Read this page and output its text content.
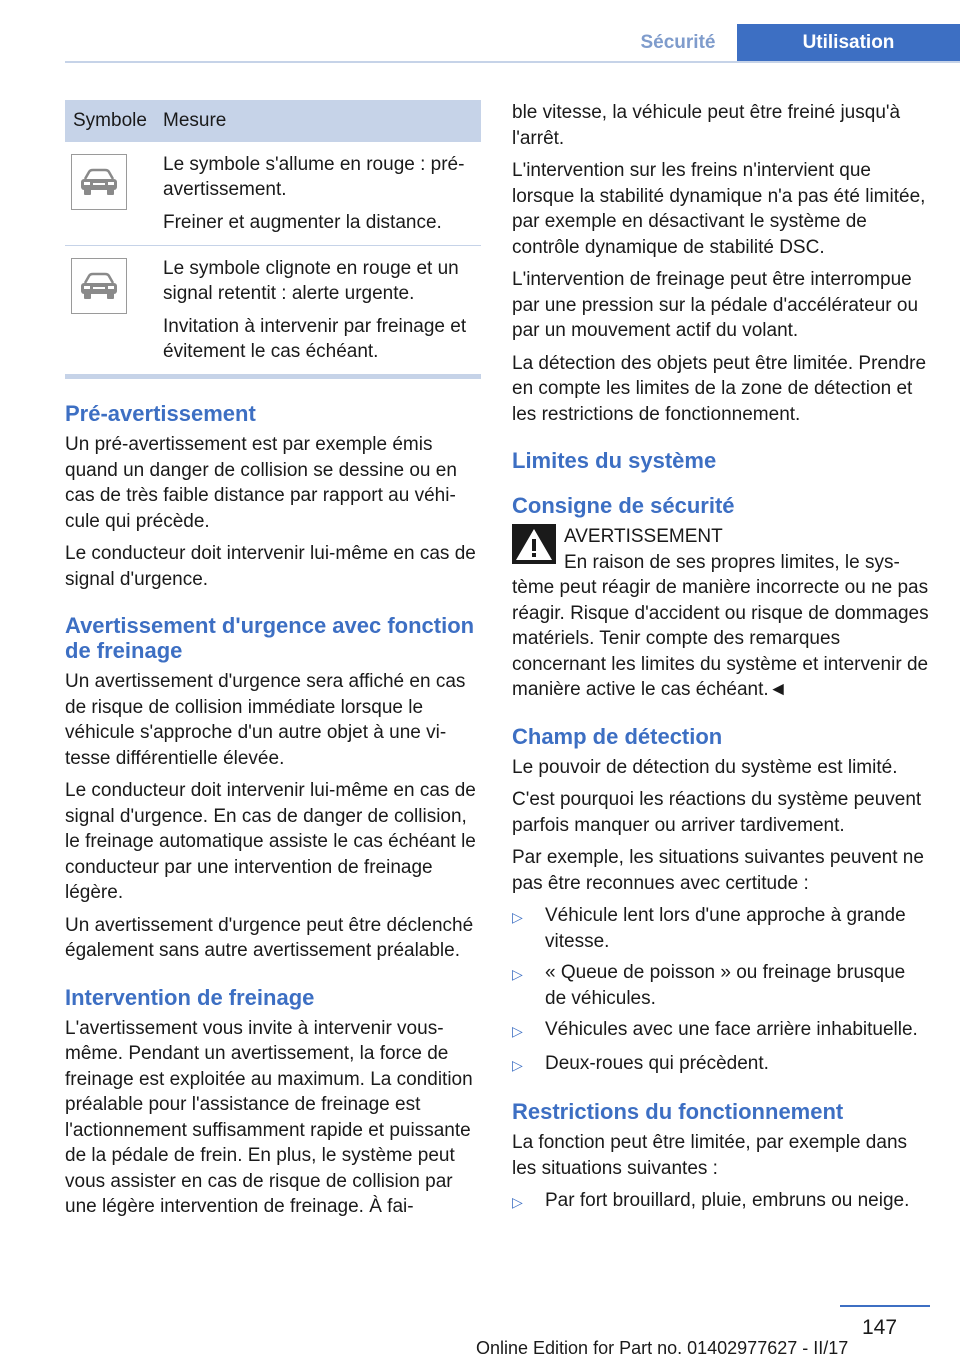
Sécurité	Utilisation
Symbole Mesure

Le symbole s'allume en rouge : pré-avertissement.

Freiner et augmenter la distance.

Le symbole clignote en rouge et un signal retentit : alerte urgente.

Invitation à intervenir par freinage et évitement le cas échéant.

Pré-avertissement

Un pré-avertissement est par exemple émis quand un danger de collision se dessine ou en cas de très faible distance par rapport au véhicule qui précède.

Le conducteur doit intervenir lui-même en cas de signal d'urgence.

Avertissement d'urgence avec fonction de freinage

Un avertissement d'urgence sera affiché en cas de risque de collision immédiate lorsque le véhicule s'approche d'un autre objet à une vitesse différentielle élevée.

Le conducteur doit intervenir lui-même en cas de signal d'urgence. En cas de danger de collision, le freinage automatique assiste le cas échéant le conducteur par une intervention de freinage légère.

Un avertissement d'urgence peut être déclenché également sans autre avertissement préalable.

Intervention de freinage

L'avertissement vous invite à intervenir vous-même. Pendant un avertissement, la force de freinage est exploitée au maximum. La condition préalable pour l'assistance de freinage est l'actionnement suffisamment rapide et puissante de la pédale de frein. En plus, le système peut vous assister en cas de risque de collision par une légère intervention de freinage. À fai-

ble vitesse, la véhicule peut être freiné jusqu'à l'arrêt.

L'intervention sur les freins n'intervient que lorsque la stabilité dynamique n'a pas été limitée, par exemple en désactivant le système de contrôle dynamique de stabilité DSC.

L'intervention de freinage peut être interrompue par une pression sur la pédale d'accélérateur ou par un mouvement actif du volant.

La détection des objets peut être limitée. Prendre en compte les limites de la zone de détection et les restrictions de fonctionnement.

Limites du système
Consigne de sécurité
AVERTISSEMENT
En raison de ses propres limites, le sys-

tème peut réagir de manière incorrecte ou ne pas réagir. Risque d'accident ou risque de dommages matériels. Tenir compte des remarques concernant les limites du système et intervenir de manière active le cas échéant.◄

Champ de détection

Le pouvoir de détection du système est limité.

C'est pourquoi les réactions du système peuvent parfois manquer ou arriver tardivement.

Par exemple, les situations suivantes peuvent ne pas être reconnues avec certitude :

▷	Véhicule lent lors d'une approche à grande vitesse.
▷	« Queue de poisson » ou freinage brusque de véhicules.
▷	Véhicules avec une face arrière inhabituelle.
▷	Deux-roues qui précèdent.
Restrictions du fonctionnement

La fonction peut être limitée, par exemple dans les situations suivantes :

▷	Par fort brouillard, pluie, embruns ou neige.
147
Online Edition for Part no. 01402977627 - II/17
